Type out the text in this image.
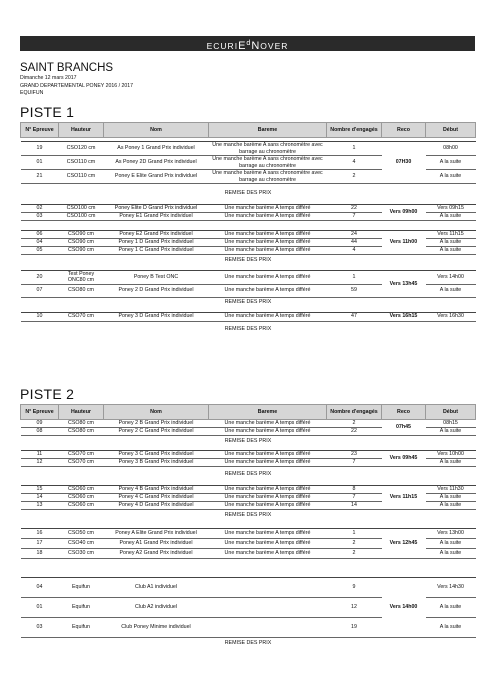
ECURIE$^d$NOVER
SAINT BRANCHS
Dimanche 12 mars 2017
GRAND DEPARTEMENTAL PONEY 2016 / 2017
EQUIFUN
PISTE 1
N° Epreuve	Hauteur	Nom	Bareme	Nombre d'engagés	Reco	Début

19	CSO120 cm	As Poney 1 Grand Prix individuel	Une manche barème A sans chronomètre avec barrage au chronomètre	1	07H30	08h00
01	CSO110 cm	As Poney 2D Grand Prix individuel	Une manche barème A sans chronomètre avec barrage au chronomètre	4		A la suite
21	CSO110 cm	Poney E Elite Grand Prix individuel	Une manche barème A sans chronomètre avec barrage au chronomètre	2		A la suite

REMISE DES PRIX						

02	CSO100 cm	Poney Elite D Grand Prix individuel	Une manche barème A temps différé	22	Vers 09h00	Vers 09h15
03	CSO100 cm	Poney E1 Grand Prix individuel	Une manche barème A temps différé	7		A la suite

06	CSO90 cm	Poney E2 Grand Prix individuel	Une manche barème A temps différé	24	Vers 11h00	Vers 11h15
04	CSO90 cm	Poney 1 D Grand Prix individuel	Une manche barème A temps différé	44		A la suite
05	CSO90 cm	Poney 1 C Grand Prix individuel	Une manche barème A temps différé	4		A la suite
REMISE DES PRIX						

20	Test Poney ONC80 cm	Poney B Test ONC	Une manche barème A temps différé	1	Vers 13h45	Vers 14h00
07	CSO80 cm	Poney 2 D Grand Prix individuel	Une manche barème A temps différé	59		A la suite
REMISE DES PRIX						

10	CSO70 cm	Poney 3 D Grand Prix individuel	Une manche barème A temps différé	47	Vers 16h15	Vers 16h30

REMISE DES PRIX						
PISTE 2
N° Epreuve	Hauteur	Nom	Bareme	Nombre d'engagés	Reco	Début
09	CSO80 cm	Poney 2 B Grand Prix individuel	Une manche barème A temps différé	2	07h45	08h15
08	CSO80 cm	Poney 2 C Grand Prix individuel	Une manche barème A temps différé	22		A la suite
REMISE DES PRIX						

11	CSO70 cm	Poney 3 C Grand Prix individuel	Une manche barème A temps différé	23	Vers 09h45	Vers 10h00
12	CSO70 cm	Poney 3 B Grand Prix individuel	Une manche barème A temps différé	7		A la suite

REMISE DES PRIX						

15	CSO60 cm	Poney 4 B Grand Prix individuel	Une manche barème A temps différé	8	Vers 11h15	Vers 11h30
14	CSO60 cm	Poney 4 C Grand Prix individuel	Une manche barème A temps différé	7		A la suite
13	CSO60 cm	Poney 4 D Grand Prix individuel	Une manche barème A temps différé	14		A la suite
REMISE DES PRIX						

16	CSO50 cm	Poney A Elite Grand Prix individuel	Une manche barème A temps différé	1	Vers 12h45	Vers 13h00
17	CSO40 cm	Poney A1 Grand Prix individuel	Une manche barème A temps différé	2		A la suite
18	CSO30 cm	Poney A2 Grand Prix individuel	Une manche barème A temps différé	2		A la suite

04	Equifun	Club A1 individuel		9	Vers 14h00	Vers 14h30
01	Equifun	Club A2 individuel		12		A la suite
03	Equifun	Club Poney Minime individuel		19		A la suite
REMISE DES PRIX						
